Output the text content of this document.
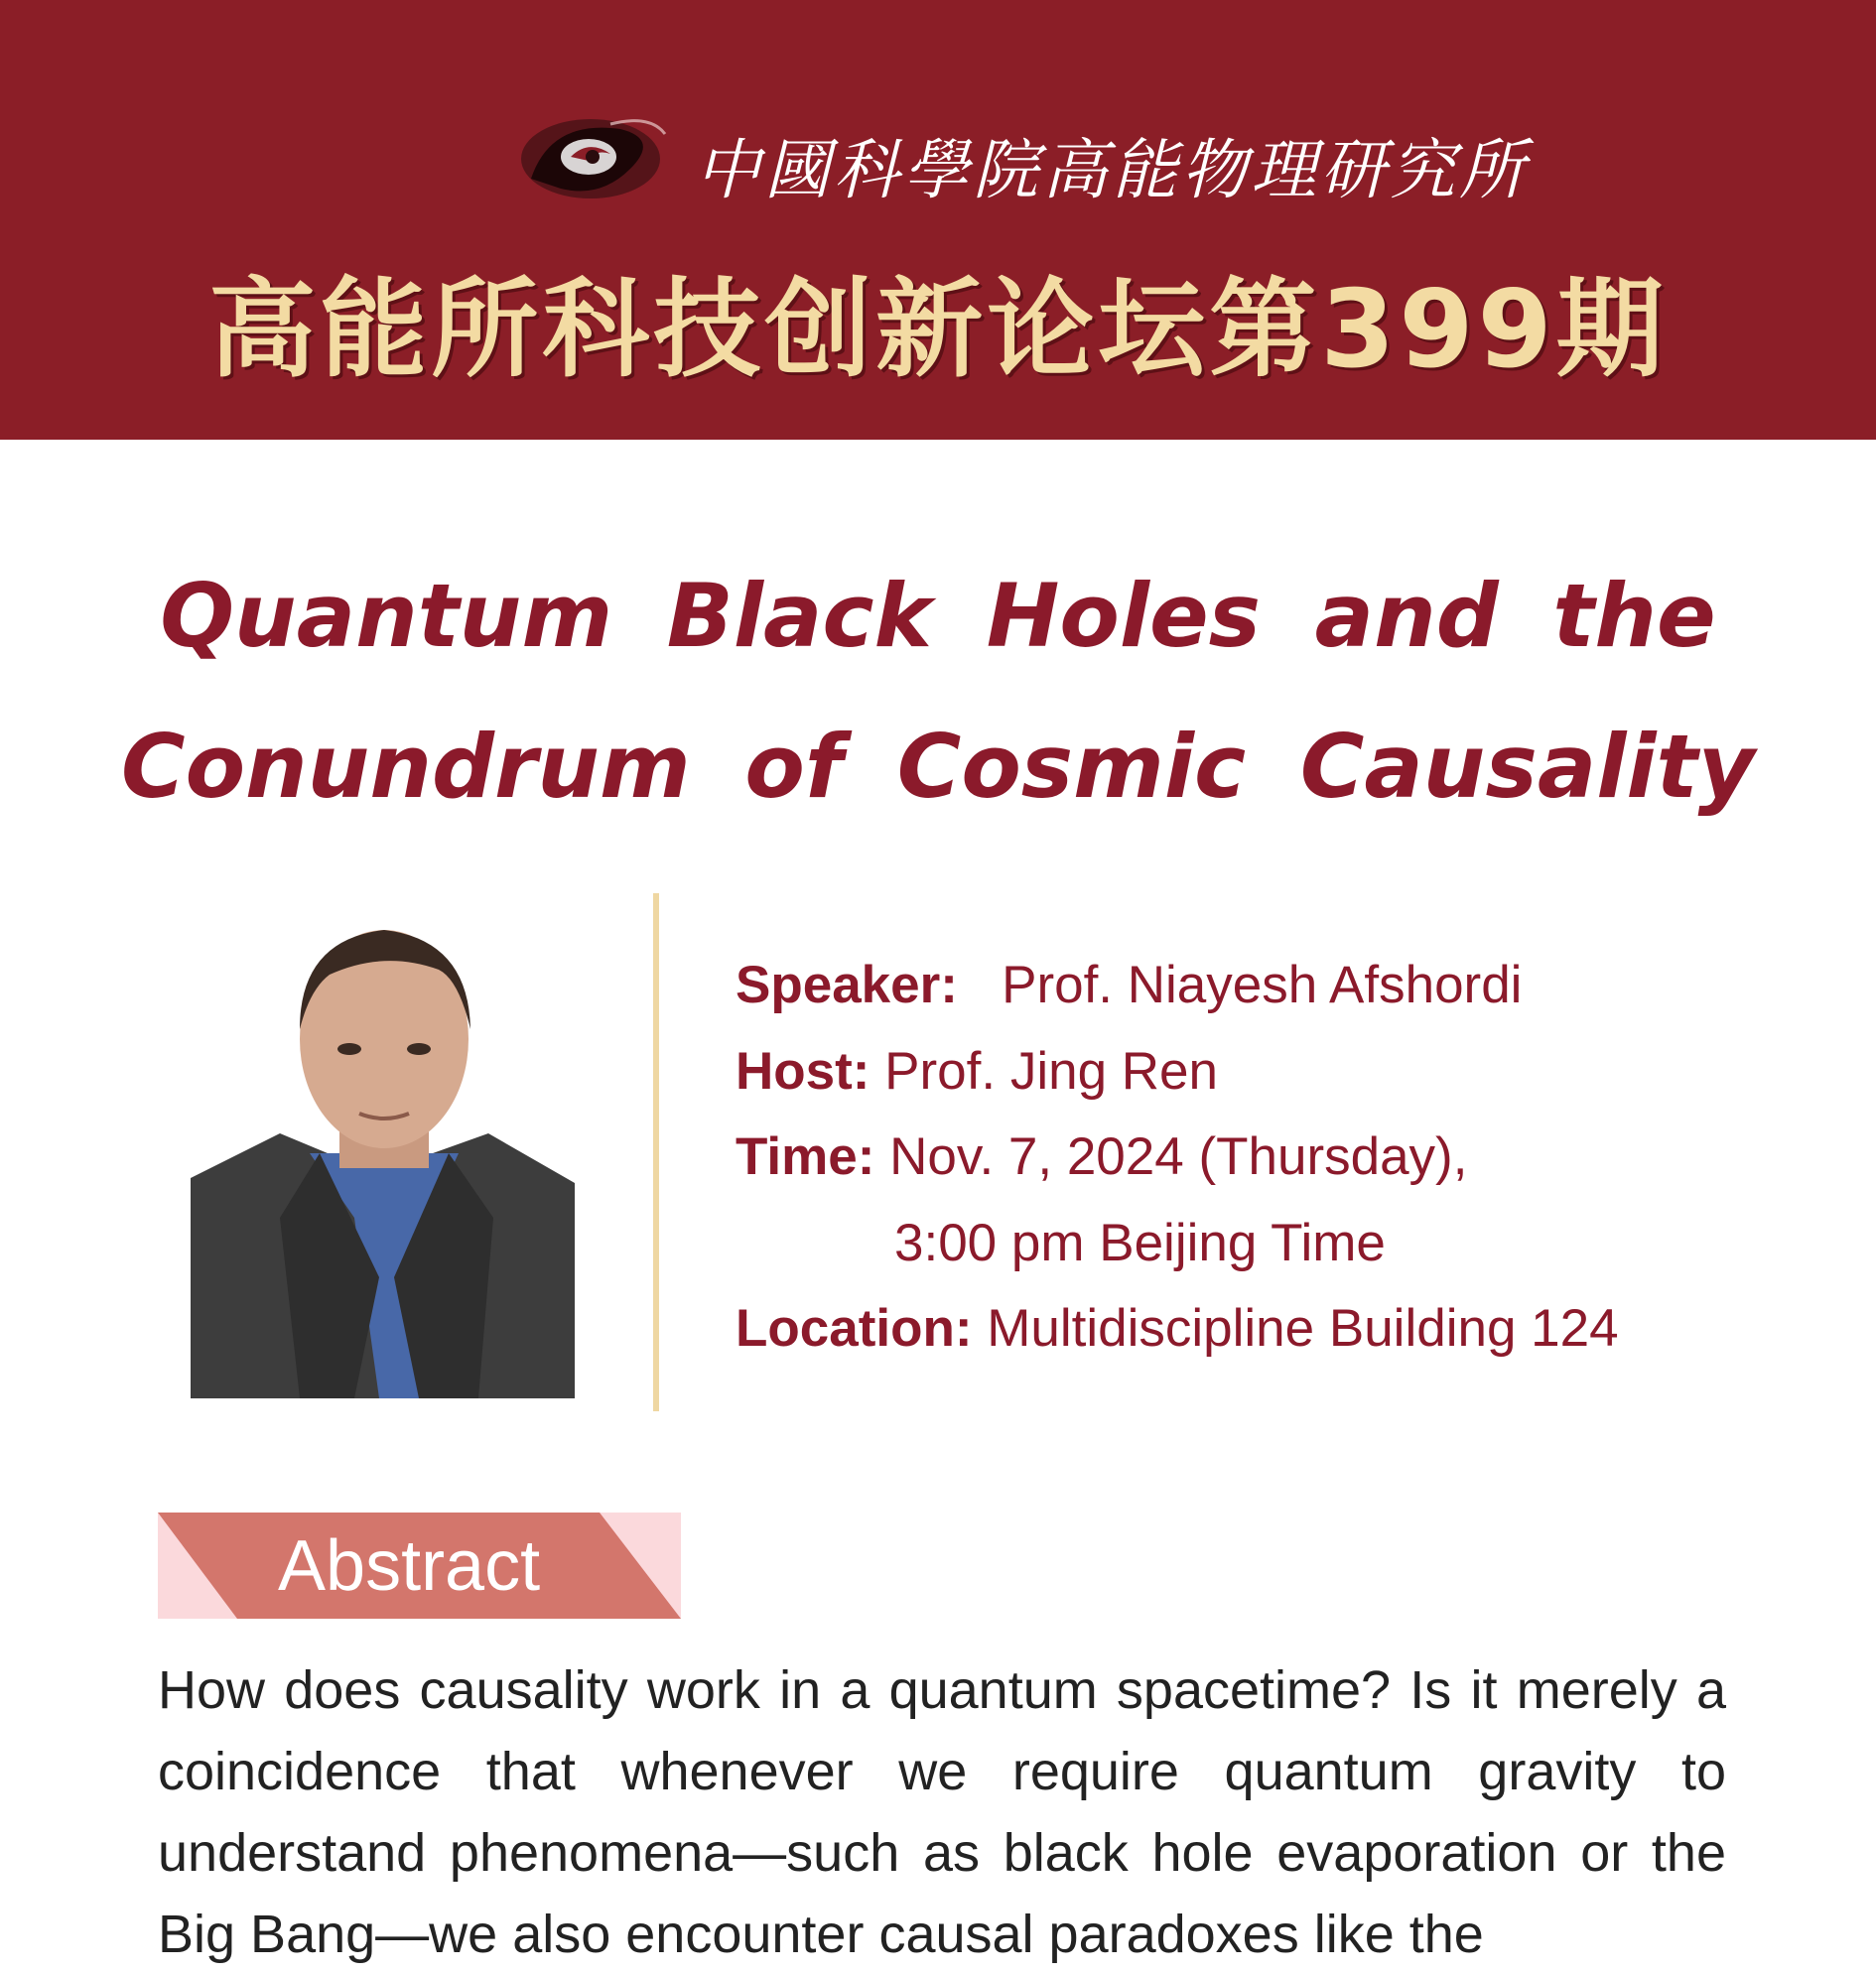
中國科學院高能物理研究所
高能所科技创新论坛第399期
Quantum Black Holes and the
Conundrum of Cosmic Causality
Speaker: Prof. Niayesh Afshordi
Host: Prof. Jing Ren
Time: Nov. 7, 2024 (Thursday),
3:00 pm Beijing Time
Location: Multidiscipline Building 124
Abstract
How does causality work in a quantum spacetime? Is it merely a coincidence that whenever we require quantum gravity to understand phenomena—such as black hole evaporation or the Big Bang—we also encounter causal paradoxes like the
